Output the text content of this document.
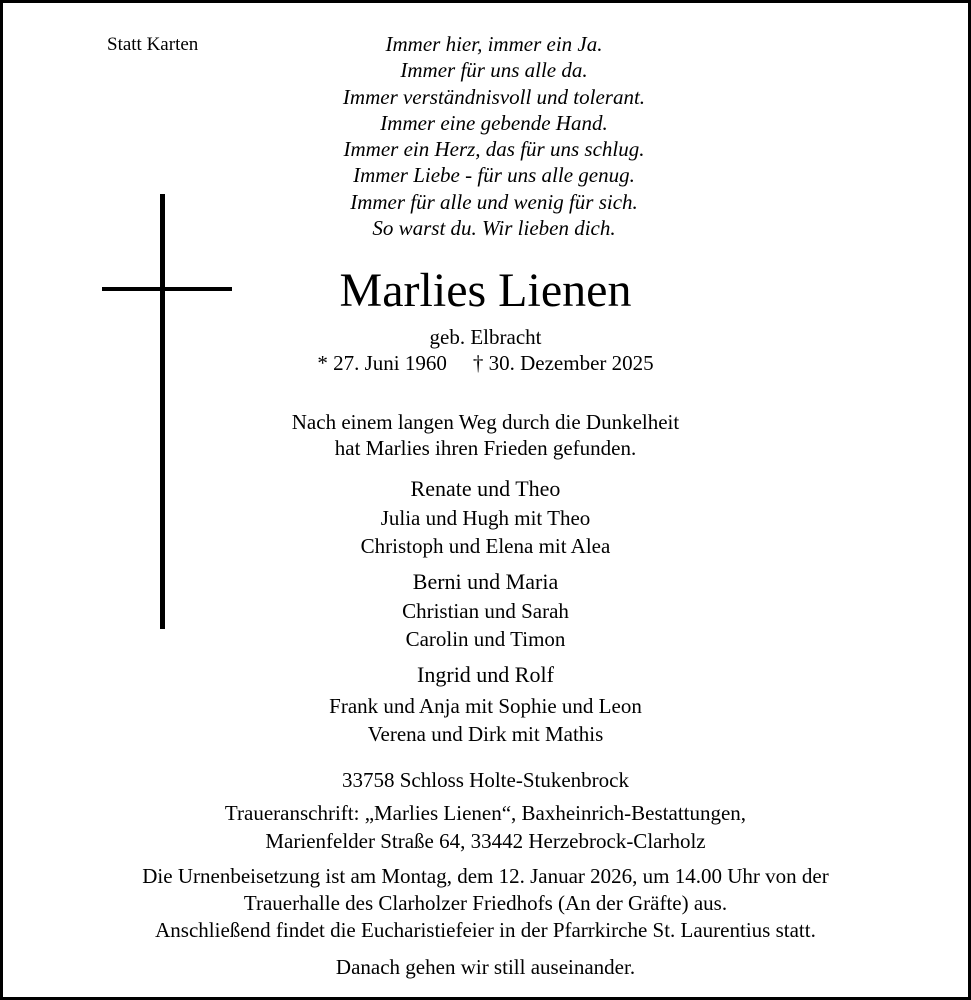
Statt Karten	Immer hier, immer ein Ja.
Immer für uns alle da.
Immer verständnisvoll und tolerant.
Immer eine gebende Hand.
Immer ein Herz, das für uns schlug.
Immer Liebe - für uns alle genug.
Immer für alle und wenig für sich.
So warst du. Wir lieben dich.
Marlies Lienen
geb. Elbracht
* 27. Juni 1960 † 30. Dezember 2025
Nach einem langen Weg durch die Dunkelheit
hat Marlies ihren Frieden gefunden.
Renate und Theo
Julia und Hugh mit Theo
Christoph und Elena mit Alea
Berni und Maria
Christian und Sarah
Carolin und Timon
Ingrid und Rolf
Frank und Anja mit Sophie und Leon
Verena und Dirk mit Mathis
33758 Schloss Holte-Stukenbrock
Traueranschrift: „Marlies Lienen“, Baxheinrich-Bestattungen,
Marienfelder Straße 64, 33442 Herzebrock-Clarholz
Die Urnenbeisetzung ist am Montag, dem 12. Januar 2026, um 14.00 Uhr von der
Trauerhalle des Clarholzer Friedhofs (An der Gräfte) aus.
Anschließend findet die Eucharistiefeier in der Pfarrkirche St. Laurentius statt.
Danach gehen wir still auseinander.
